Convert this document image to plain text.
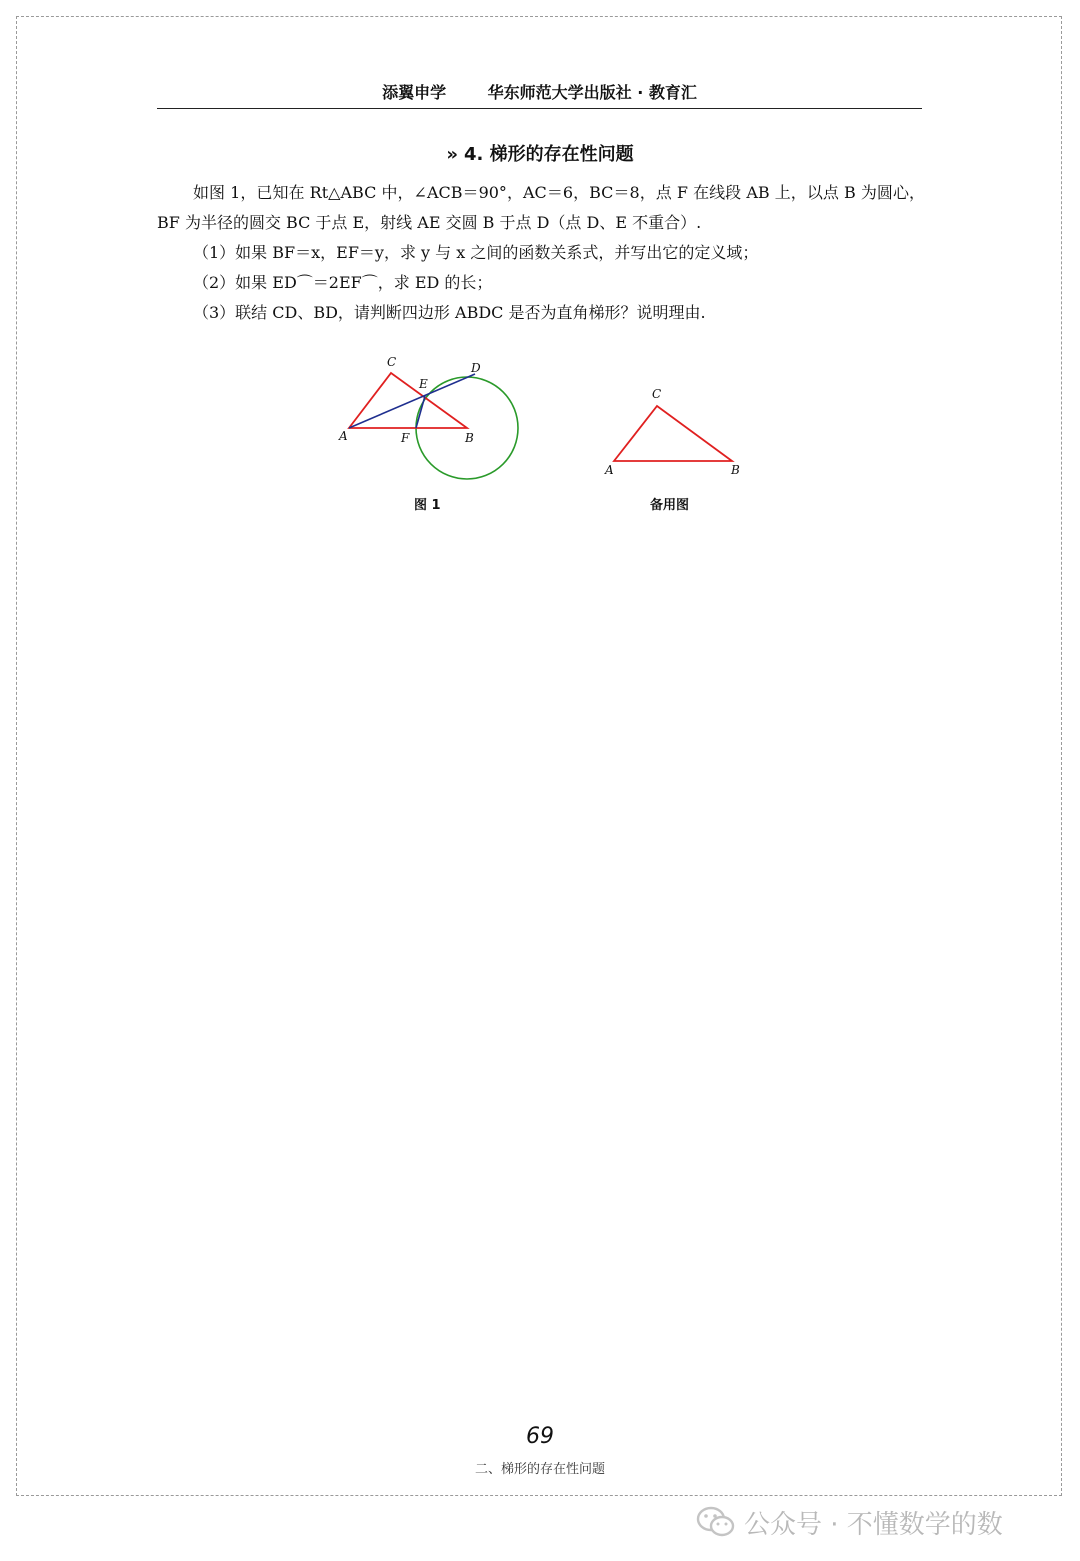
添翼申学	华东师范大学出版社 · 教育汇
» 4. 梯形的存在性问题

如图 1，已知在 Rt△ABC 中，∠ACB＝90°，AC＝6，BC＝8，点 F 在线段 AB 上，以点 B 为圆心，BF 为半径的圆交 BC 于点 E，射线 AE 交圆 B 于点 D（点 D、E 不重合）.

（1）如果 BF＝x，EF＝y，求 y 与 x 之间的函数关系式，并写出它的定义域；

（2）如果 ED⌒＝2EF⌒，求 ED 的长；

（3）联结 CD、BD，请判断四边形 ABDC 是否为直角梯形？说明理由.

A	B
C	D
E
F
图 1
A	B
C
备用图
69
二、梯形的存在性问题
公众号 · 不懂数学的数
